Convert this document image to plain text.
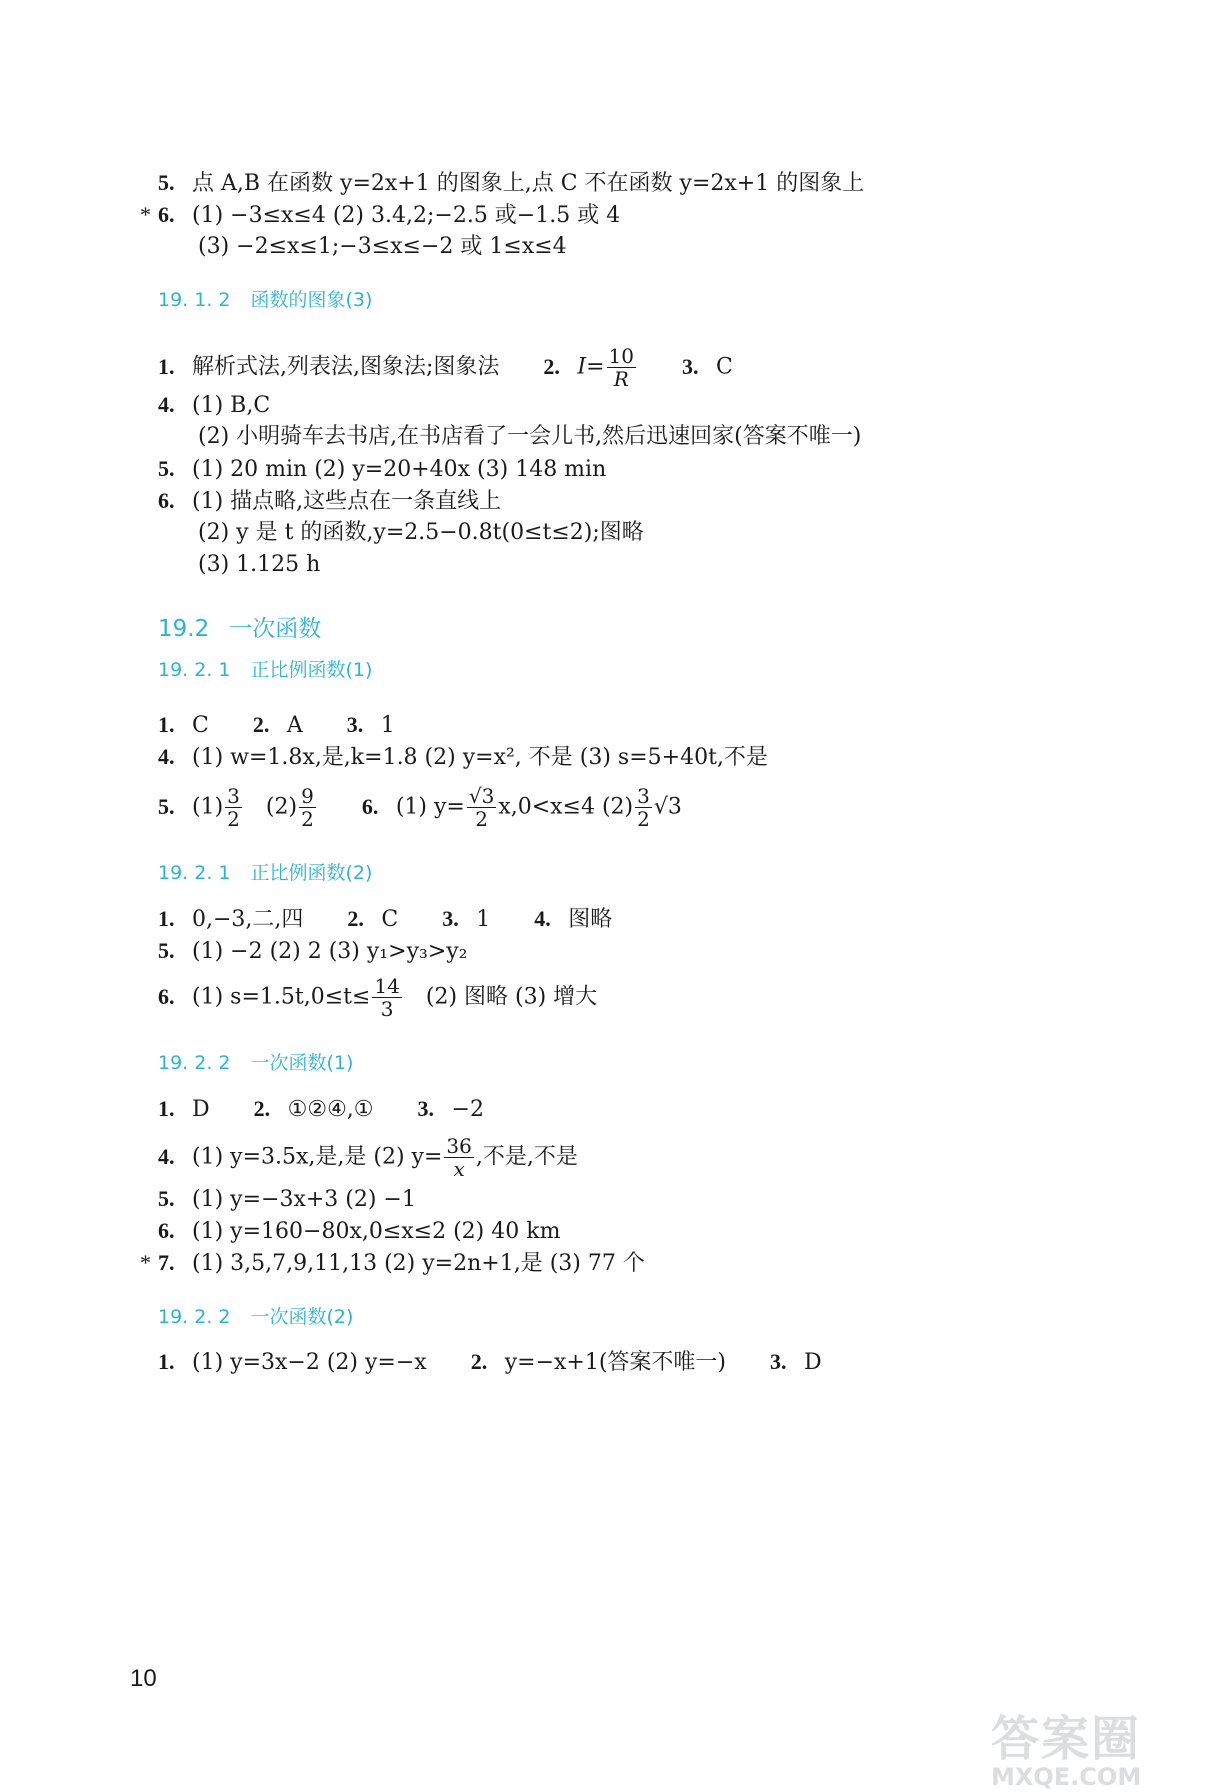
5. 点 A,B 在函数 y=2x+1 的图象上,点 C 不在函数 y=2x+1 的图象上
* 6. (1) −3≤x≤4 (2) 3.4,2;−2.5 或−1.5 或 4
(3) −2≤x≤1;−3≤x≤−2 或 1≤x≤4
19. 1. 2 函数的图象(3)
1. 解析式法,列表法,图象法;图象法 2. $I= \frac{10}{R} 3$. C
4. (1) B,C
(2) 小明骑车去书店,在书店看了一会儿书,然后迅速回家(答案不唯一)
5. (1) 20 min (2) y=20+40x (3) 148 min
6. (1) 描点略,这些点在一条直线上
(2) y 是 t 的函数,y=2.5−0.8t(0≤t≤2);图略
(3) 1.125 h
19.2 一次函数
19. 2. 1 正比例函数(1)
1. C 2. A 3. 1
4. (1) w=1.8x,是,k=1.8 (2) y=x², 不是 (3) s=5+40t,不是
5. $(1) \frac{3}{2} (2) \frac{9}{2} 6$. (1) $y= \frac{√3}{2} x,0<x\le 4$ $(2) \frac{3}{2} √3$
19. 2. 1 正比例函数(2)
1. 0,−3,二,四 2. C 3. 1 4. 图略
5. (1) −2 (2) 2 (3) y₁>y₃>y₂
6. (1) $s=1.5t,0\le t\le \frac{14}{3} (2)$ 图略 (3) 增大
19. 2. 2 一次函数(1)
1. D 2. ①②④,① 3. −2
4. (1) y=3.5x,是,是 (2) $y= \frac{36}{x}$ ,不是,不是
5. (1) y=−3x+3 (2) −1
6. (1) y=160−80x,0≤x≤2 (2) 40 km
* 7. (1) 3,5,7,9,11,13 (2) y=2n+1,是 (3) 77 个
19. 2. 2 一次函数(2)
1. (1) y=3x−2 (2) y=−x 2. y=−x+1(答案不唯一) 3. D
10
答案圈
MXQE.COM
